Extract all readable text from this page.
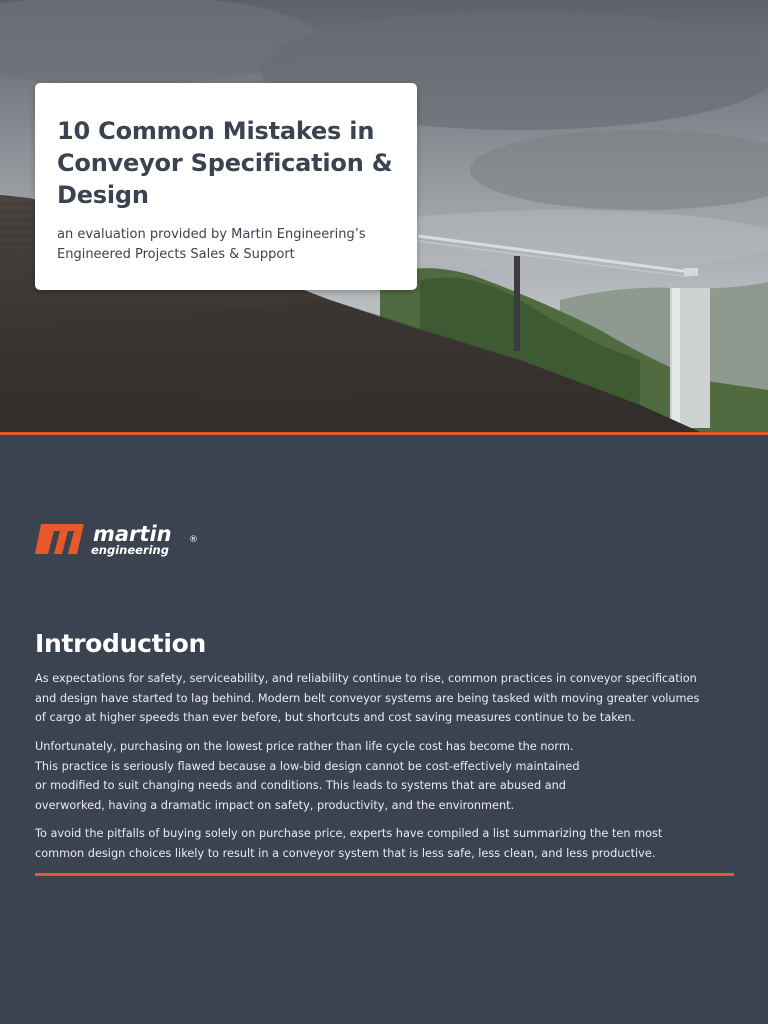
10 Common Mistakes in Conveyor Specification & Design

an evaluation provided by Martin Engineering’s Engineered Projects Sales & Support

martin ®
engineering
Introduction

As expectations for safety, serviceability, and reliability continue to rise, common practices in conveyor specification
and design have started to lag behind. Modern belt conveyor systems are being tasked with moving greater volumes
of cargo at higher speeds than ever before, but shortcuts and cost saving measures continue to be taken.

Unfortunately, purchasing on the lowest price rather than life cycle cost has become the norm.
This practice is seriously flawed because a low-bid design cannot be cost-effectively maintained
or modified to suit changing needs and conditions. This leads to systems that are abused and
overworked, having a dramatic impact on safety, productivity, and the environment.

To avoid the pitfalls of buying solely on purchase price, experts have compiled a list summarizing the ten most
common design choices likely to result in a conveyor system that is less safe, less clean, and less productive.
